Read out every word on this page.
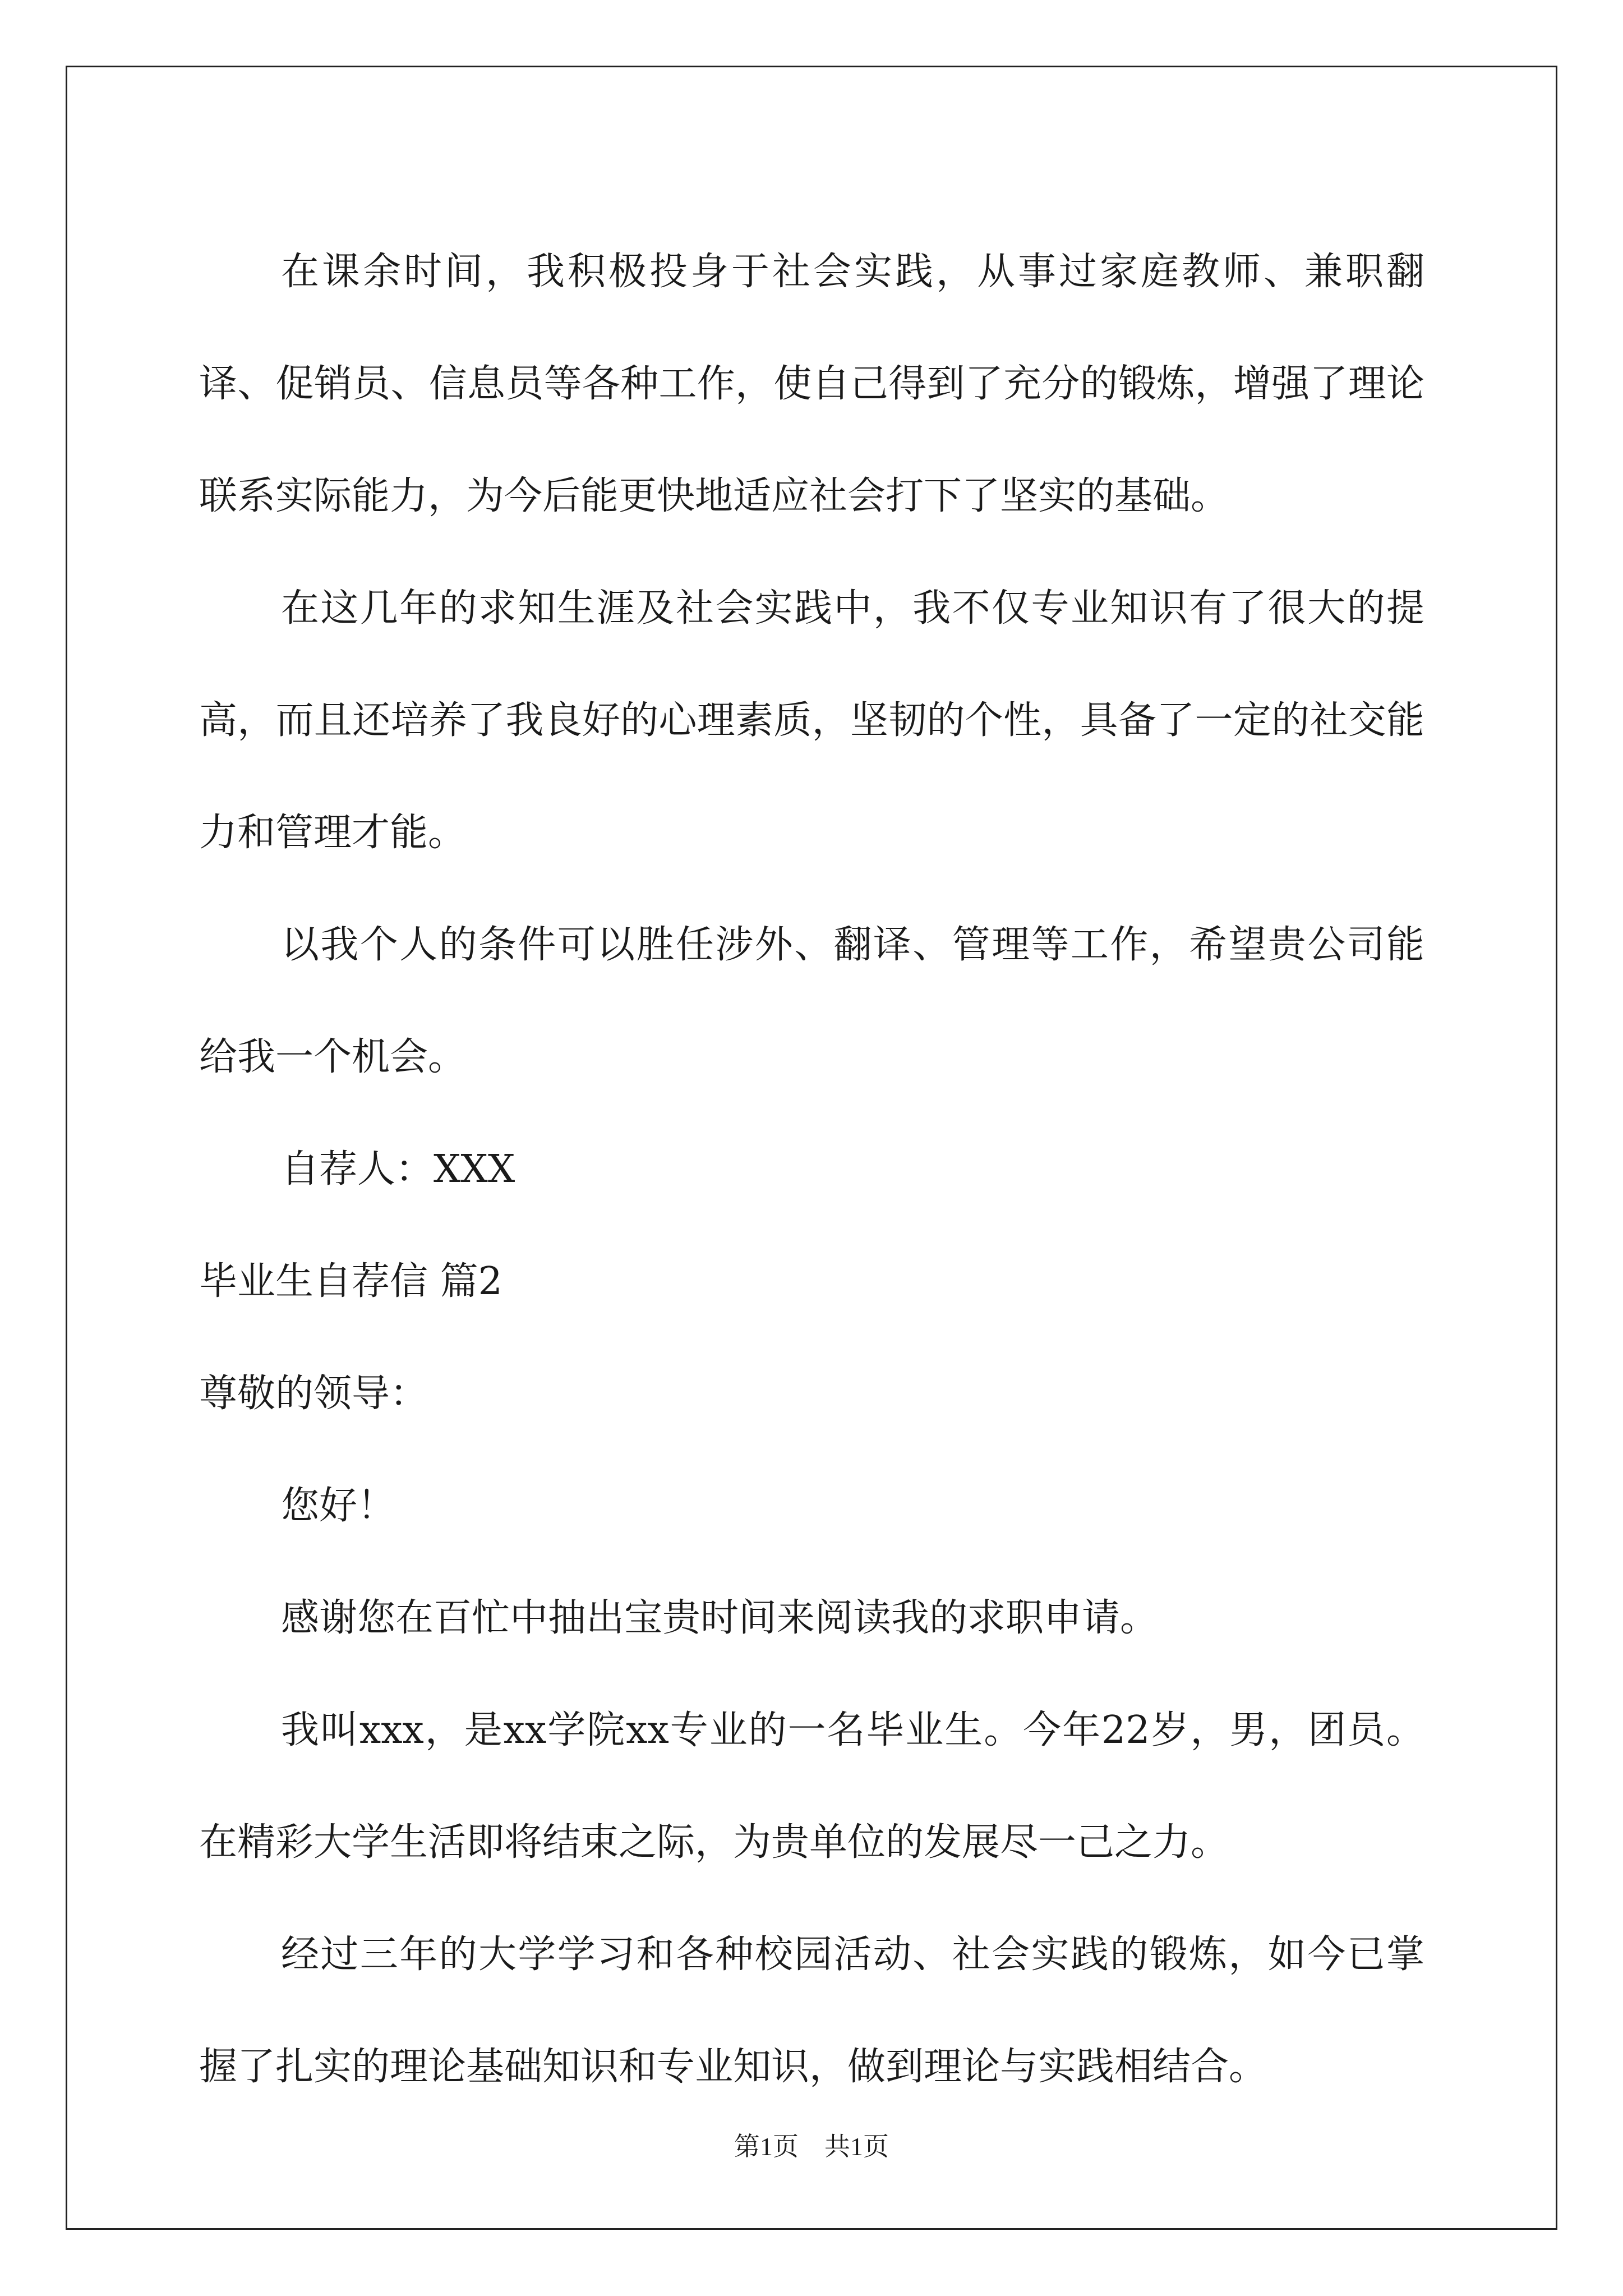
在课余时间，我积极投身于社会实践，从事过家庭教师、兼职翻译、促销员、信息员等各种工作，使自己得到了充分的锻炼，增强了理论联系实际能力，为今后能更快地适应社会打下了坚实的基础。

在这几年的求知生涯及社会实践中，我不仅专业知识有了很大的提高，而且还培养了我良好的心理素质，坚韧的个性，具备了一定的社交能力和管理才能。

以我个人的条件可以胜任涉外、翻译、管理等工作，希望贵公司能给我一个机会。

自荐人：XXX

毕业生自荐信 篇2

尊敬的领导：

您好！

感谢您在百忙中抽出宝贵时间来阅读我的求职申请。

我叫xxx，是xx学院xx专业的一名毕业生。今年22岁，男，团员。在精彩大学生活即将结束之际，为贵单位的发展尽一己之力。

经过三年的大学学习和各种校园活动、社会实践的锻炼，如今已掌握了扎实的理论基础知识和专业知识，做到理论与实践相结合。

第1页　共1页
